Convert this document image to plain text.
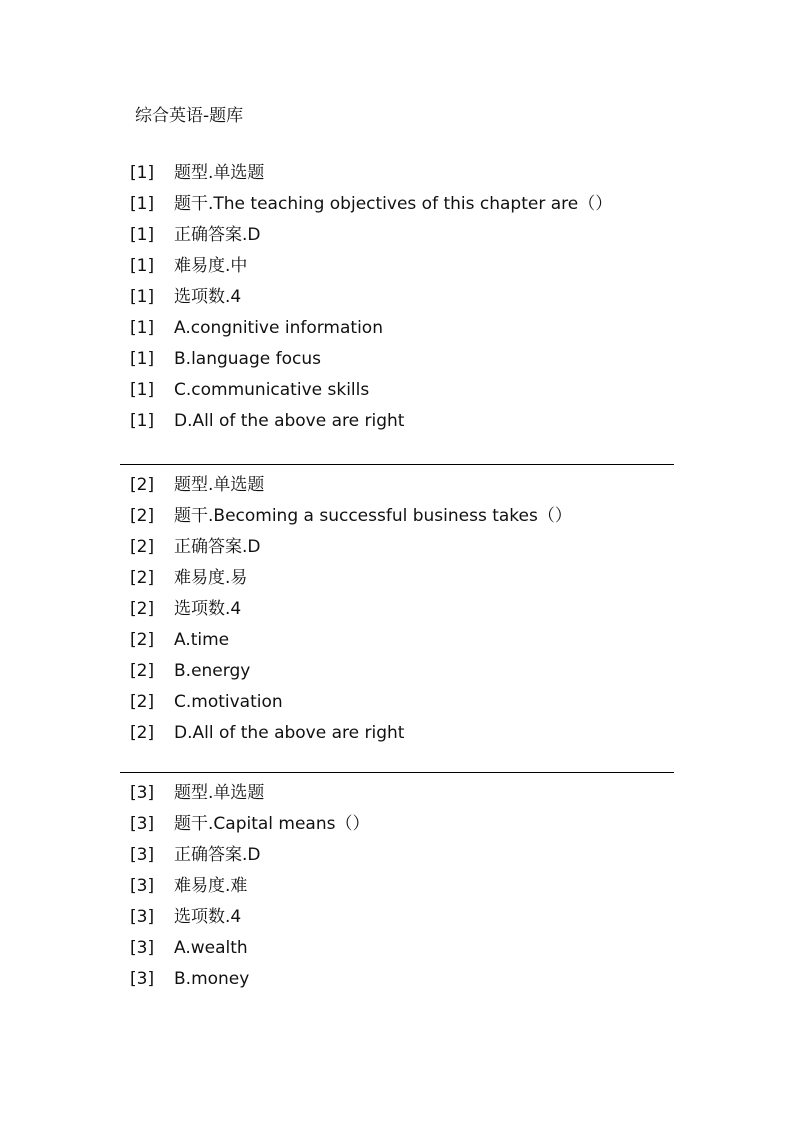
综合英语-题库
[1] 题型.单选题
[1] 题干.The teaching objectives of this chapter are（）
[1] 正确答案.D
[1] 难易度.中
[1] 选项数.4
[1] A.congnitive information
[1] B.language focus
[1] C.communicative skills
[1] D.All of the above are right
[2] 题型.单选题
[2] 题干.Becoming a successful business takes（）
[2] 正确答案.D
[2] 难易度.易
[2] 选项数.4
[2] A.time
[2] B.energy
[2] C.motivation
[2] D.All of the above are right
[3] 题型.单选题
[3] 题干.Capital means（）
[3] 正确答案.D
[3] 难易度.难
[3] 选项数.4
[3] A.wealth
[3] B.money
